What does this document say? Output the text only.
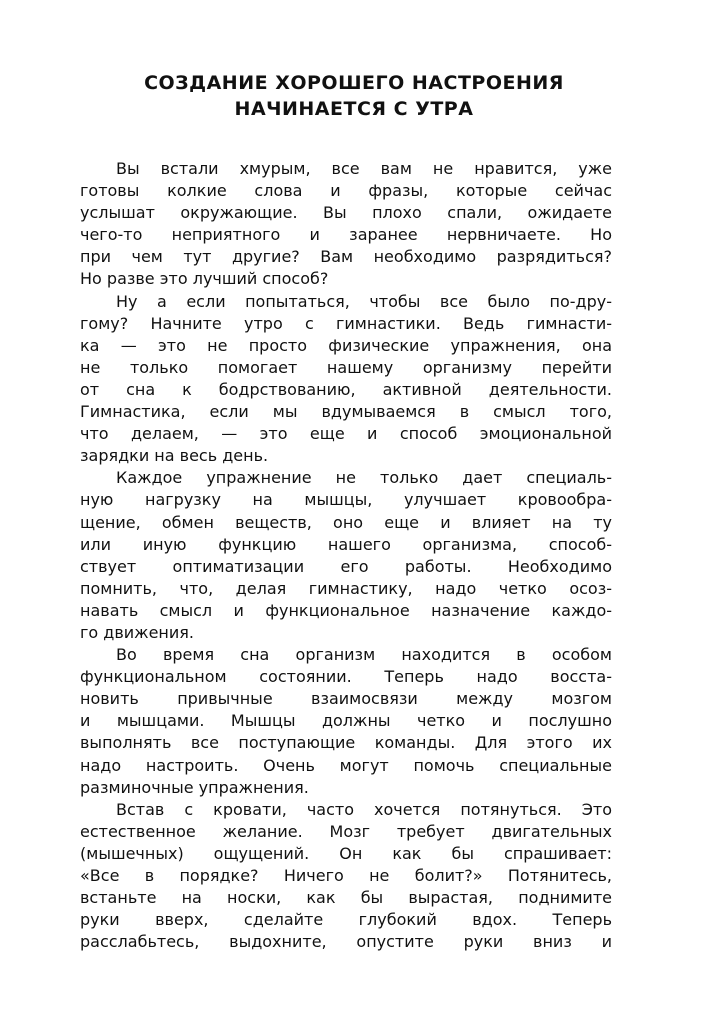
СОЗДАНИЕ ХОРОШЕГО НАСТРОЕНИЯ
НАЧИНАЕТСЯ С УТРА
Вы встали хмурым, все вам не нравится, уже
готовы колкие слова и фразы, которые сейчас
услышат окружающие. Вы плохо спали, ожидаете
чего-то неприятного и заранее нервничаете. Но
при чем тут другие? Вам необходимо разрядиться?
Но разве это лучший способ?
Ну а если попытаться, чтобы все было по-дру-
гому? Начните утро с гимнастики. Ведь гимнасти-
ка — это не просто физические упражнения, она
не только помогает нашему организму перейти
от сна к бодрствованию, активной деятельности.
Гимнастика, если мы вдумываемся в смысл того,
что делаем, — это еще и способ эмоциональной
зарядки на весь день.
Каждое упражнение не только дает специаль-
ную нагрузку на мышцы, улучшает кровообра-
щение, обмен веществ, оно еще и влияет на ту
или иную функцию нашего организма, способ-
ствует оптиматизации его работы. Необходимо
помнить, что, делая гимнастику, надо четко осоз-
навать смысл и функциональное назначение каждо-
го движения.
Во время сна организм находится в особом
функциональном состоянии. Теперь надо восста-
новить привычные взаимосвязи между мозгом
и мышцами. Мышцы должны четко и послушно
выполнять все поступающие команды. Для этого их
надо настроить. Очень могут помочь специальные
разминочные упражнения.
Встав с кровати, часто хочется потянуться. Это
естественное желание. Мозг требует двигательных
(мышечных) ощущений. Он как бы спрашивает:
«Все в порядке? Ничего не болит?» Потянитесь,
встаньте на носки, как бы вырастая, поднимите
руки вверх, сделайте глубокий вдох. Теперь
расслабьтесь, выдохните, опустите руки вниз и
